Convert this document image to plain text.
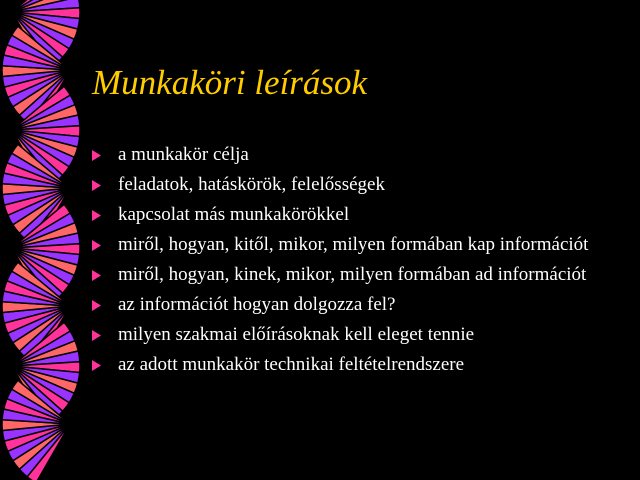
Munkaköri leírások
a munkakör célja
feladatok, hatáskörök, felelősségek
kapcsolat más munkakörökkel
miről, hogyan, kitől, mikor, milyen formában kap információt
miről, hogyan, kinek, mikor, milyen formában ad információt
az információt hogyan dolgozza fel?
milyen szakmai előírásoknak kell eleget tennie
az adott munkakör technikai feltételrendszere
